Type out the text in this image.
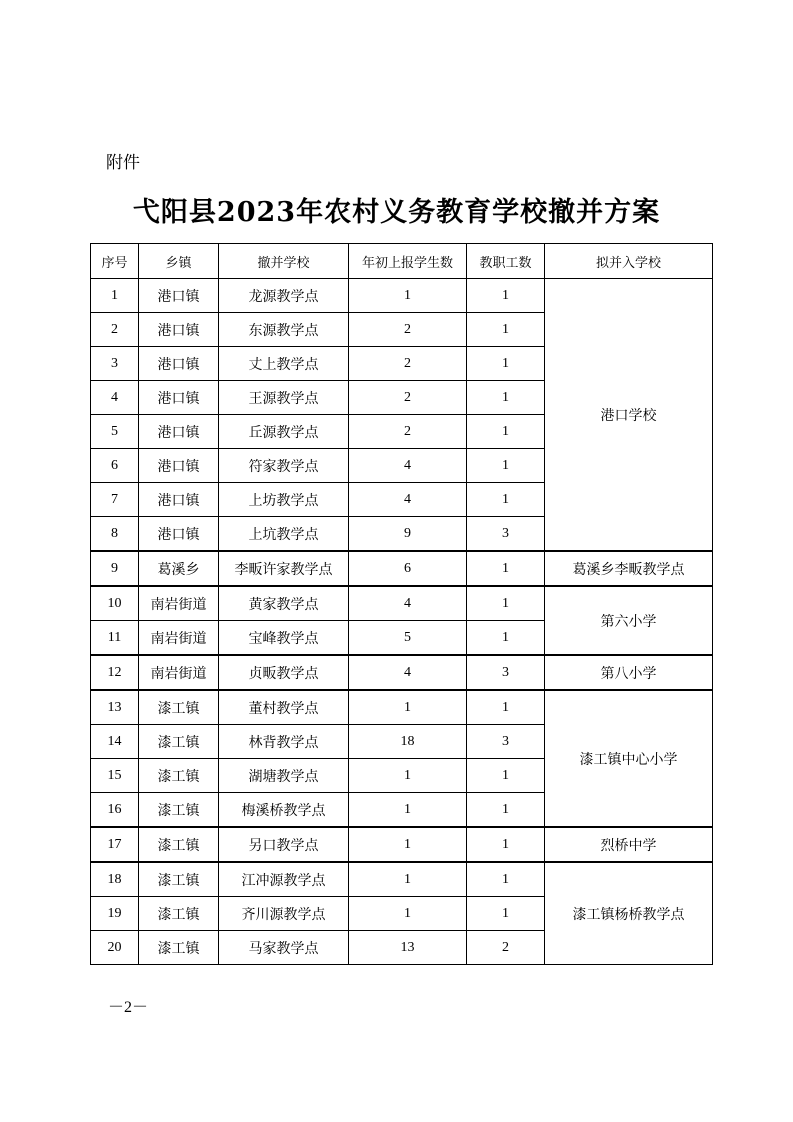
附件
弋阳县2023年农村义务教育学校撤并方案
序号	乡镇	撤并学校	年初上报学生数	教职工数	拟并入学校
1	港口镇	龙源教学点	1	1	港口学校
2	港口镇	东源教学点	2	1	
3	港口镇	丈上教学点	2	1	
4	港口镇	王源教学点	2	1	
5	港口镇	丘源教学点	2	1	
6	港口镇	符家教学点	4	1	
7	港口镇	上坊教学点	4	1	
8	港口镇	上坑教学点	9	3	
9	葛溪乡	李畈许家教学点	6	1	葛溪乡李畈教学点
10	南岩街道	黄家教学点	4	1	第六小学
11	南岩街道	宝峰教学点	5	1	
12	南岩街道	贞畈教学点	4	3	第八小学
13	漆工镇	董村教学点	1	1	漆工镇中心小学
14	漆工镇	林背教学点	18	3	
15	漆工镇	湖塘教学点	1	1	
16	漆工镇	梅溪桥教学点	1	1	
17	漆工镇	另口教学点	1	1	烈桥中学
18	漆工镇	江冲源教学点	1	1	漆工镇杨桥教学点
19	漆工镇	齐川源教学点	1	1	
20	漆工镇	马家教学点	13	2	
－2－
